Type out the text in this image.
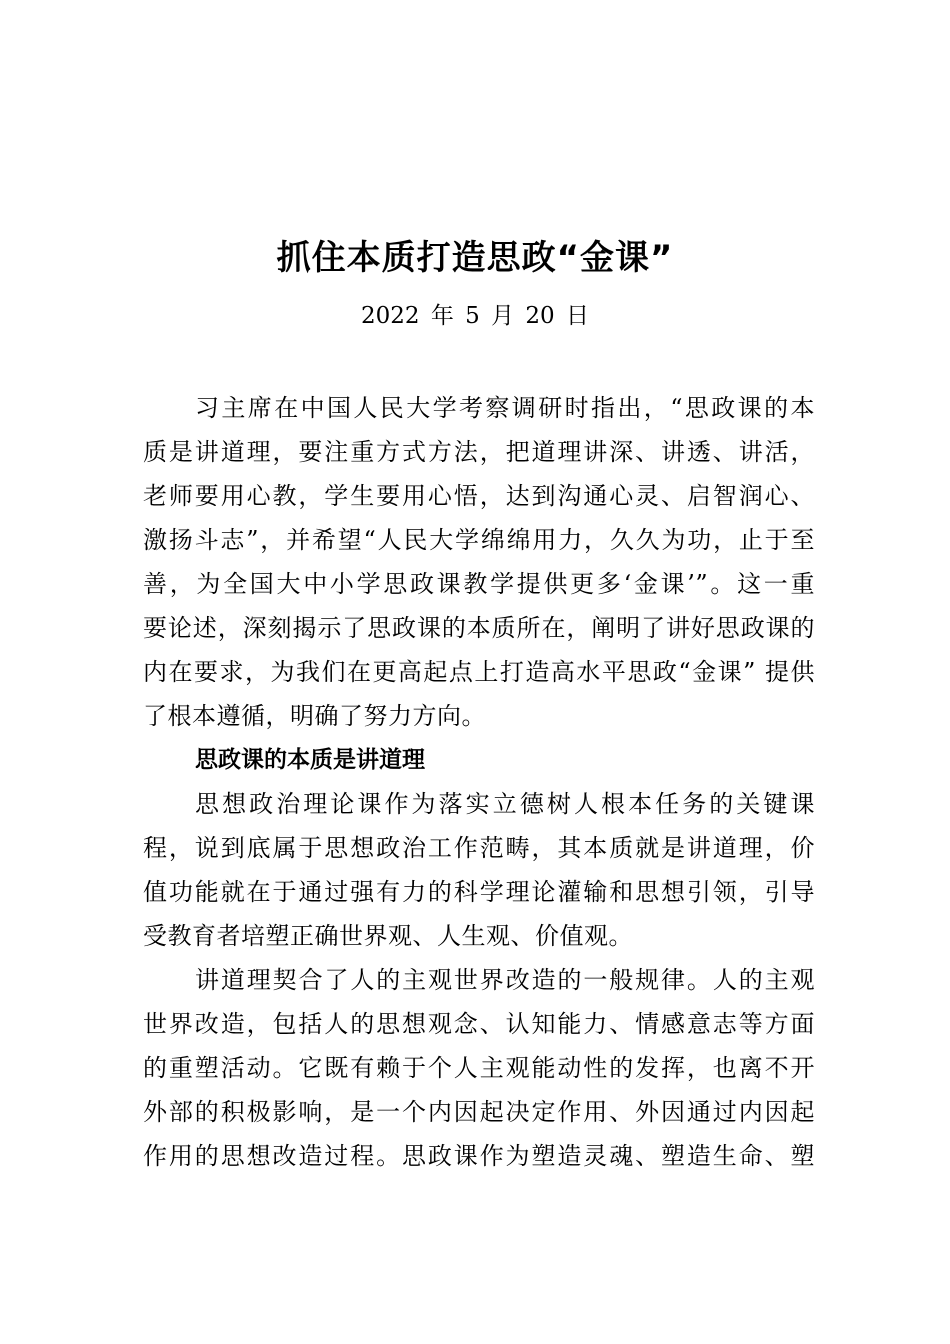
抓住本质打造思政“金课”

2022 年 5 月 20 日

习主席在中国人民大学考察调研时指出，“思政课的本
质是讲道理，要注重方式方法，把道理讲深、讲透、讲活，
老师要用心教，学生要用心悟，达到沟通心灵、启智润心、
激扬斗志”，并希望“人民大学绵绵用力，久久为功，止于至
善，为全国大中小学思政课教学提供更多‘金课’”。这一重
要论述，深刻揭示了思政课的本质所在，阐明了讲好思政课的
内在要求，为我们在更高起点上打造高水平思政“金课” 提供
了根本遵循，明确了努力方向。
思政课的本质是讲道理
思想政治理论课作为落实立德树人根本任务的关键课
程，说到底属于思想政治工作范畴，其本质就是讲道理，价
值功能就在于通过强有力的科学理论灌输和思想引领，引导
受教育者培塑正确世界观、人生观、价值观。
讲道理契合了人的主观世界改造的一般规律。人的主观
世界改造，包括人的思想观念、认知能力、情感意志等方面
的重塑活动。它既有赖于个人主观能动性的发挥，也离不开
外部的积极影响，是一个内因起决定作用、外因通过内因起
作用的思想改造过程。思政课作为塑造灵魂、塑造生命、塑
